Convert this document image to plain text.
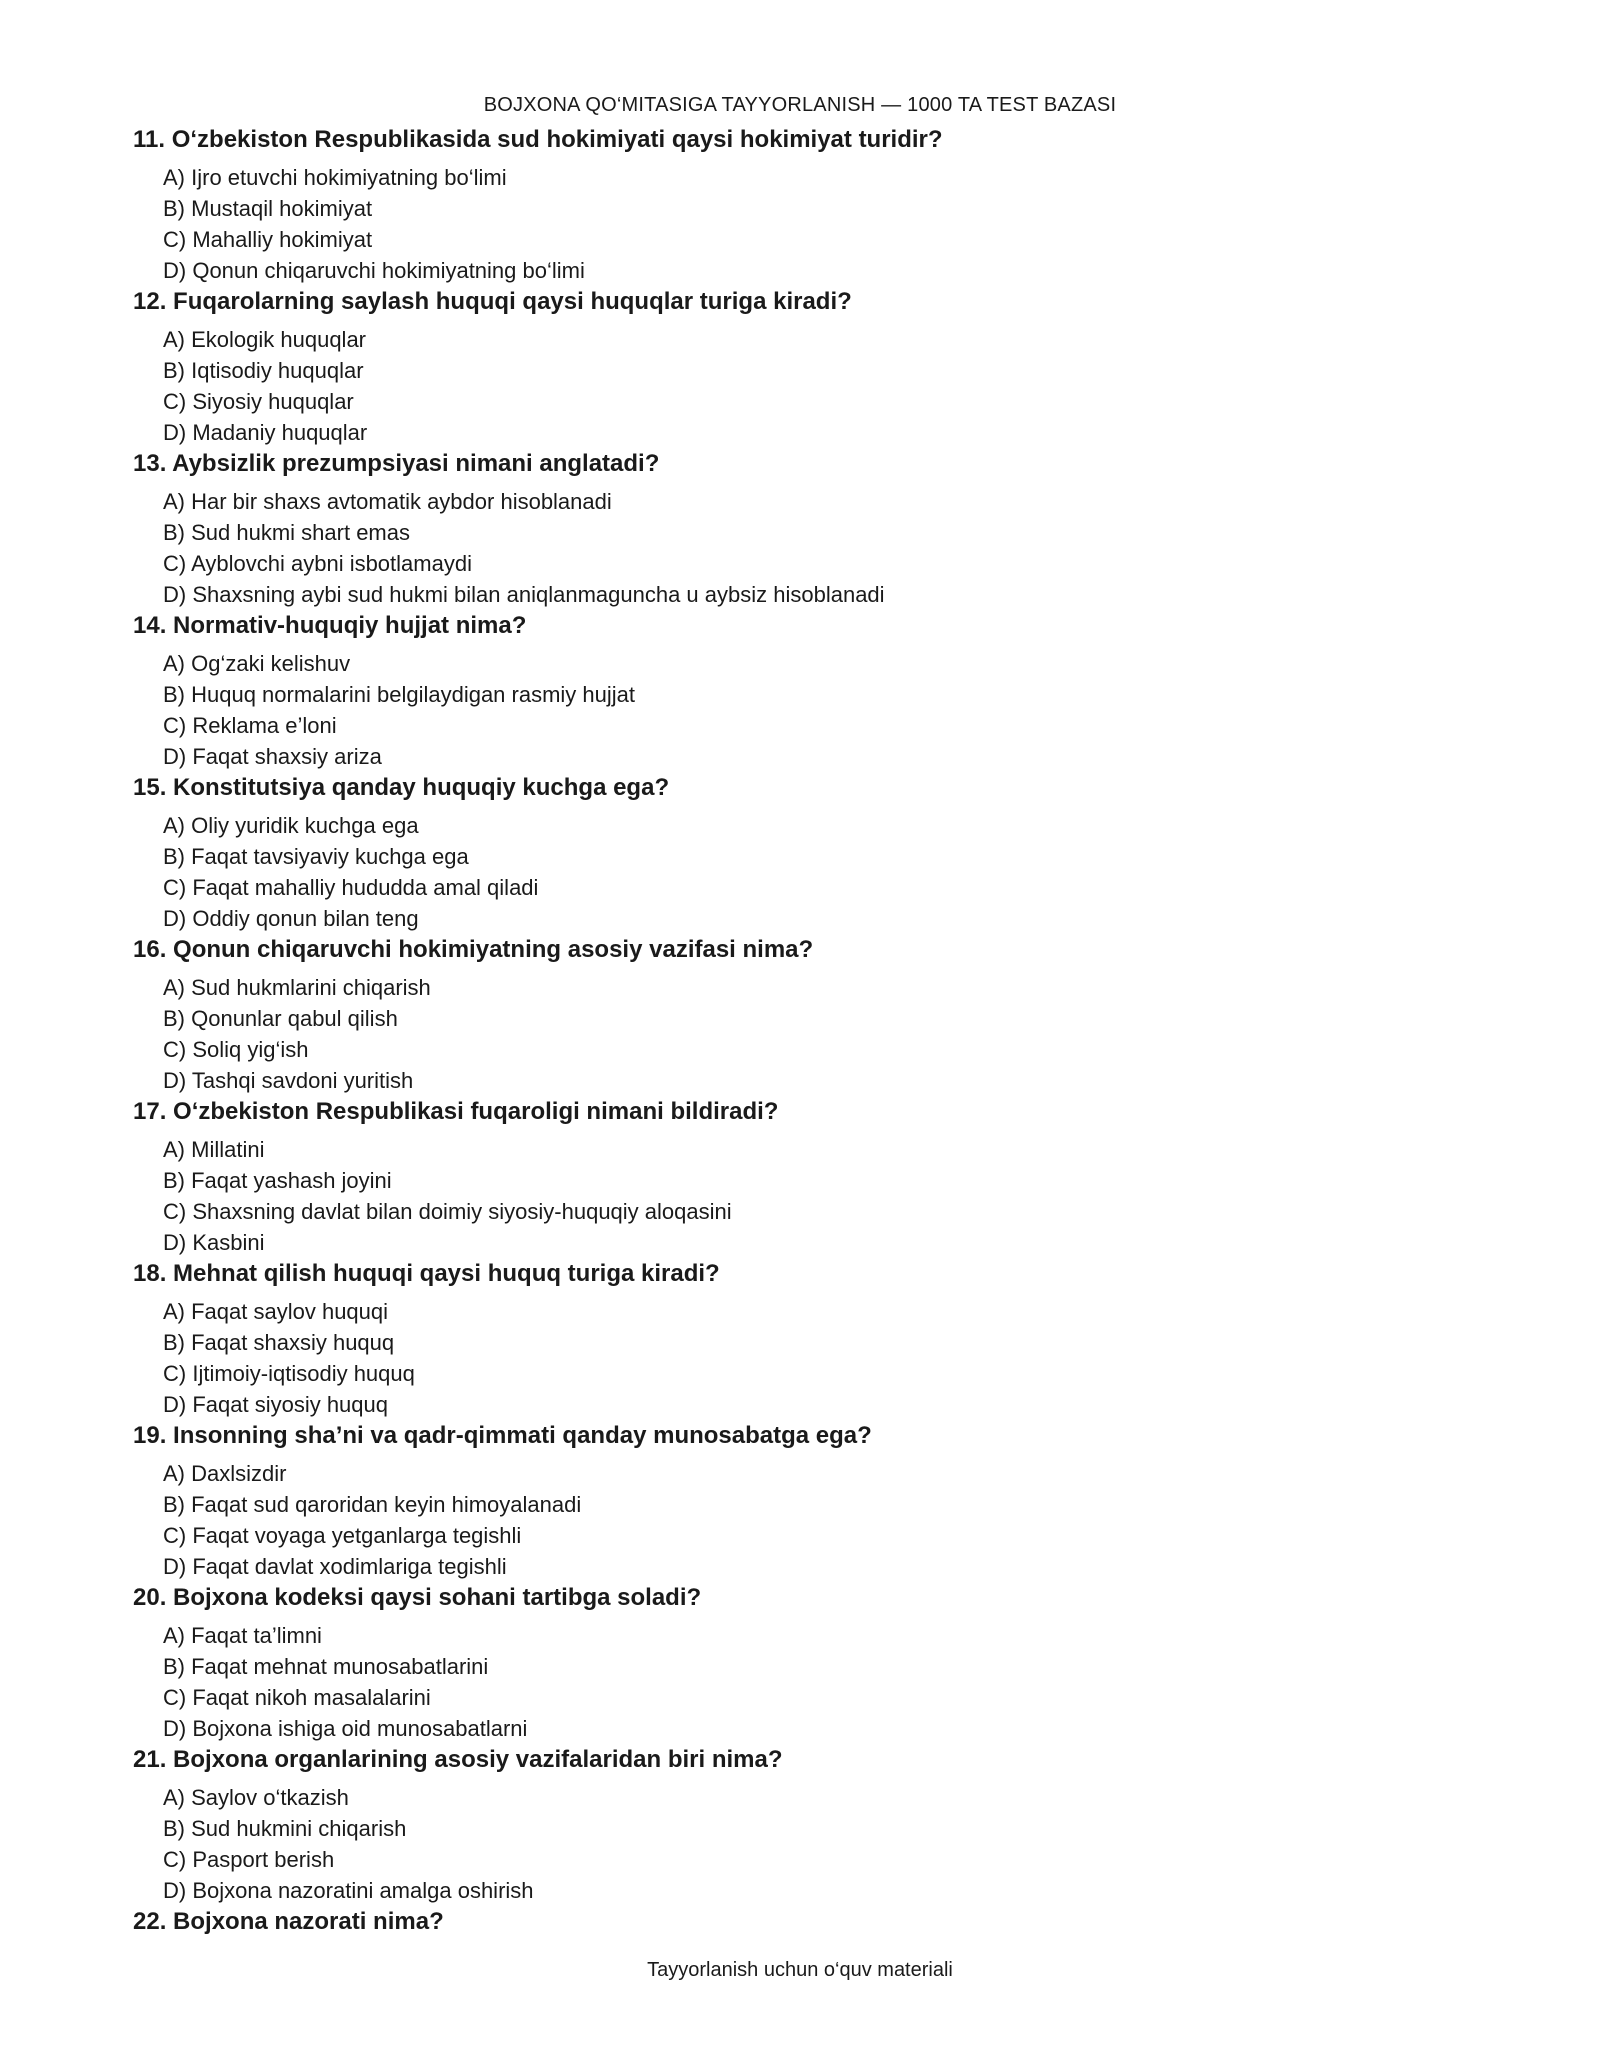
BOJXONA QO‘MITASIGA TAYYORLANISH — 1000 TA TEST BAZASI
11. O‘zbekiston Respublikasida sud hokimiyati qaysi hokimiyat turidir?
A) Ijro etuvchi hokimiyatning bo‘limi
B) Mustaqil hokimiyat
C) Mahalliy hokimiyat
D) Qonun chiqaruvchi hokimiyatning bo‘limi
12. Fuqarolarning saylash huquqi qaysi huquqlar turiga kiradi?
A) Ekologik huquqlar
B) Iqtisodiy huquqlar
C) Siyosiy huquqlar
D) Madaniy huquqlar
13. Aybsizlik prezumpsiyasi nimani anglatadi?
A) Har bir shaxs avtomatik aybdor hisoblanadi
B) Sud hukmi shart emas
C) Ayblovchi aybni isbotlamaydi
D) Shaxsning aybi sud hukmi bilan aniqlanmaguncha u aybsiz hisoblanadi
14. Normativ-huquqiy hujjat nima?
A) Og‘zaki kelishuv
B) Huquq normalarini belgilaydigan rasmiy hujjat
C) Reklama e’loni
D) Faqat shaxsiy ariza
15. Konstitutsiya qanday huquqiy kuchga ega?
A) Oliy yuridik kuchga ega
B) Faqat tavsiyaviy kuchga ega
C) Faqat mahalliy hududda amal qiladi
D) Oddiy qonun bilan teng
16. Qonun chiqaruvchi hokimiyatning asosiy vazifasi nima?
A) Sud hukmlarini chiqarish
B) Qonunlar qabul qilish
C) Soliq yig‘ish
D) Tashqi savdoni yuritish
17. O‘zbekiston Respublikasi fuqaroligi nimani bildiradi?
A) Millatini
B) Faqat yashash joyini
C) Shaxsning davlat bilan doimiy siyosiy-huquqiy aloqasini
D) Kasbini
18. Mehnat qilish huquqi qaysi huquq turiga kiradi?
A) Faqat saylov huquqi
B) Faqat shaxsiy huquq
C) Ijtimoiy-iqtisodiy huquq
D) Faqat siyosiy huquq
19. Insonning sha’ni va qadr-qimmati qanday munosabatga ega?
A) Daxlsizdir
B) Faqat sud qaroridan keyin himoyalanadi
C) Faqat voyaga yetganlarga tegishli
D) Faqat davlat xodimlariga tegishli
20. Bojxona kodeksi qaysi sohani tartibga soladi?
A) Faqat ta’limni
B) Faqat mehnat munosabatlarini
C) Faqat nikoh masalalarini
D) Bojxona ishiga oid munosabatlarni
21. Bojxona organlarining asosiy vazifalaridan biri nima?
A) Saylov o‘tkazish
B) Sud hukmini chiqarish
C) Pasport berish
D) Bojxona nazoratini amalga oshirish
22. Bojxona nazorati nima?
Tayyorlanish uchun o‘quv materiali
